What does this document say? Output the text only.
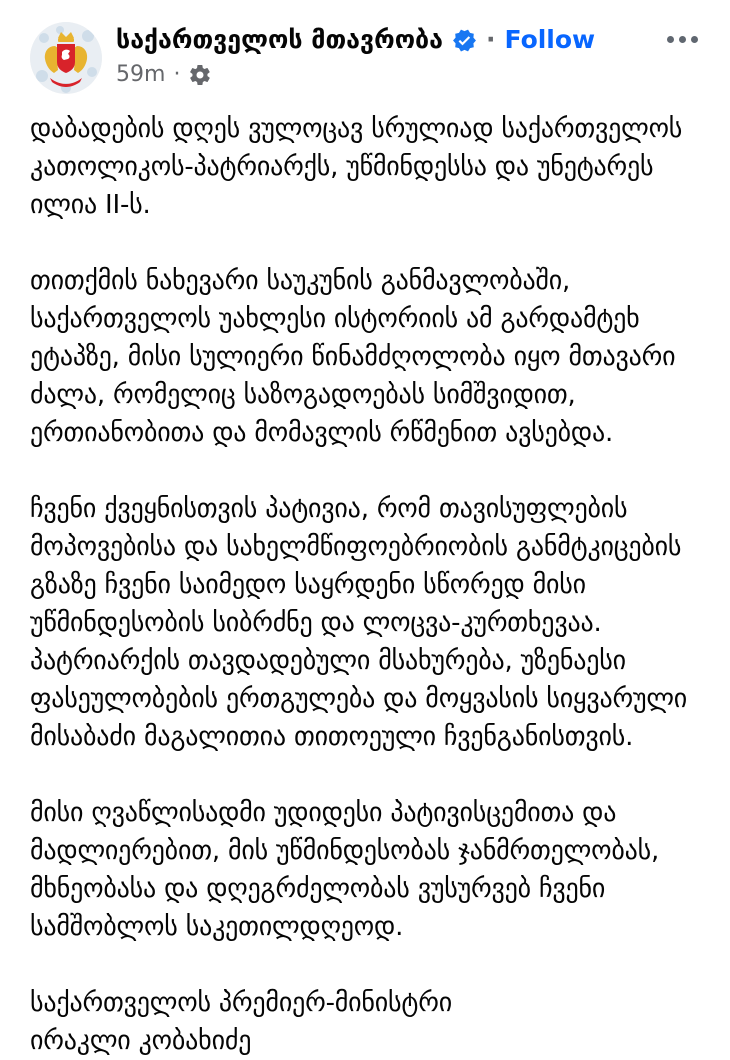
საქართველოს მთავრობა · Follow
59m ·

დაბადების დღეს ვულოცავ სრულიად საქართველოს კათოლიკოს-პატრიარქს, უწმინდესსა და უნეტარეს ილია II-ს.

თითქმის ნახევარი საუკუნის განმავლობაში, საქართველოს უახლესი ისტორიის ამ გარდამტეხ ეტაპზე, მისი სულიერი წინამძღოლობა იყო მთავარი ძალა, რომელიც საზოგადოებას სიმშვიდით, ერთიანობითა და მომავლის რწმენით ავსებდა.

ჩვენი ქვეყნისთვის პატივია, რომ თავისუფლების მოპოვებისა და სახელმწიფოებრიობის განმტკიცების გზაზე ჩვენი საიმედო საყრდენი სწორედ მისი უწმინდესობის სიბრძნე და ლოცვა-კურთხევაა. პატრიარქის თავდადებული მსახურება, უზენაესი ფასეულობების ერთგულება და მოყვასის სიყვარული მისაბაძი მაგალითია თითოეული ჩვენგანისთვის.

მისი ღვაწლისადმი უდიდესი პატივისცემითა და მადლიერებით, მის უწმინდესობას ჯანმრთელობას, მხნეობასა და დღეგრძელობას ვუსურვებ ჩვენი სამშობლოს საკეთილდღეოდ.

საქართველოს პრემიერ-მინისტრი
ირაკლი კობახიძე
